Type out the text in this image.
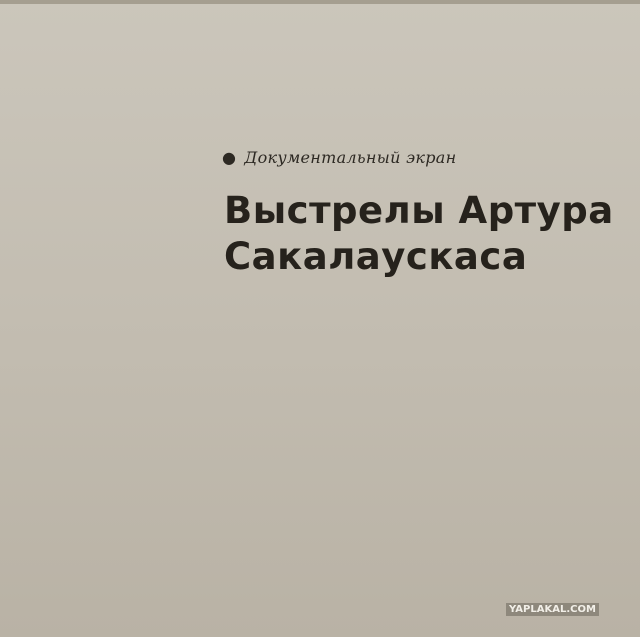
● Документальный экран
Выстрелы Артура Сакалаускаса
YAPLAKAL.COM
